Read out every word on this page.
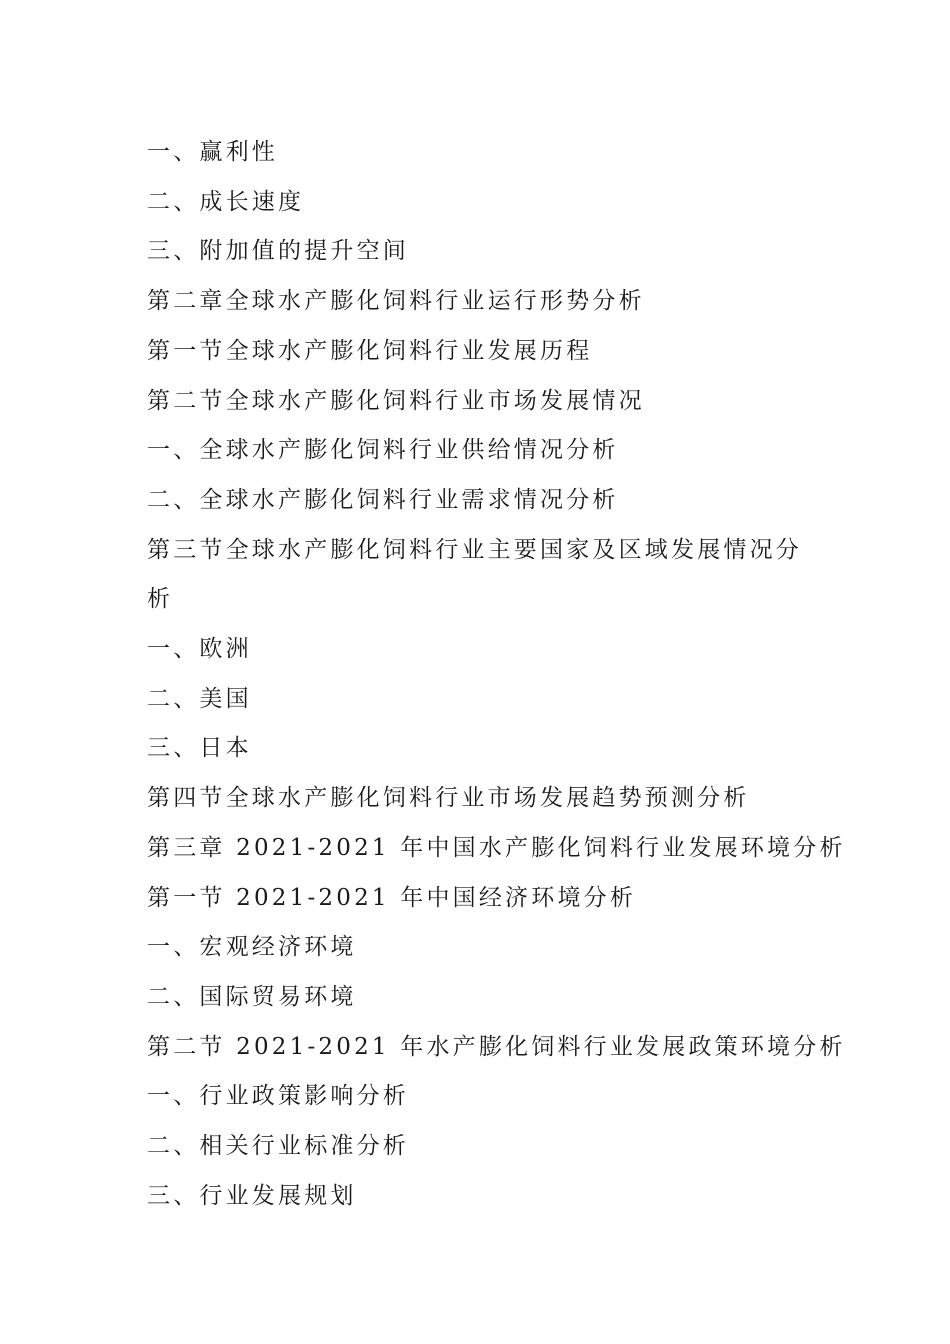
一、赢利性
二、成长速度
三、附加值的提升空间
第二章全球水产膨化饲料行业运行形势分析
第一节全球水产膨化饲料行业发展历程
第二节全球水产膨化饲料行业市场发展情况
一、全球水产膨化饲料行业供给情况分析
二、全球水产膨化饲料行业需求情况分析
第三节全球水产膨化饲料行业主要国家及区域发展情况分析
一、欧洲
二、美国
三、日本
第四节全球水产膨化饲料行业市场发展趋势预测分析
第三章 2021-2021 年中国水产膨化饲料行业发展环境分析
第一节 2021-2021 年中国经济环境分析
一、宏观经济环境
二、国际贸易环境
第二节 2021-2021 年水产膨化饲料行业发展政策环境分析
一、行业政策影响分析
二、相关行业标准分析
三、行业发展规划
